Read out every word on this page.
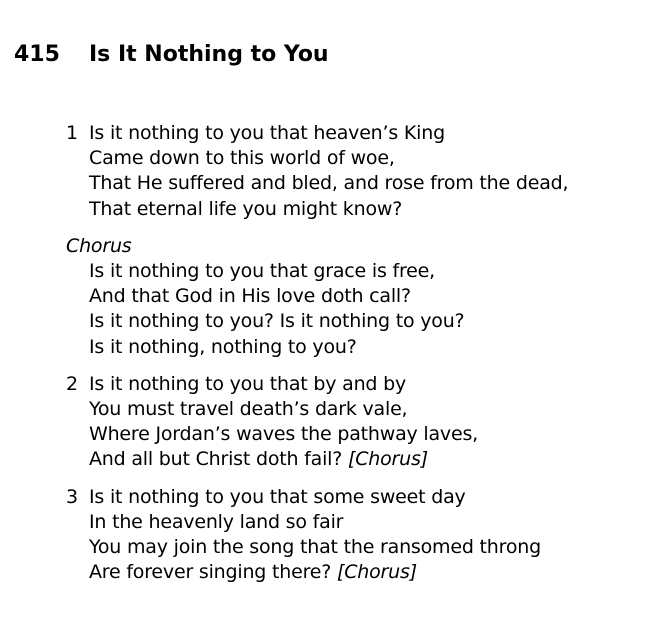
415 Is It Nothing to You
1 Is it nothing to you that heaven’s King
Came down to this world of woe,
That He suffered and bled, and rose from the dead,
That eternal life you might know?
Chorus
Is it nothing to you that grace is free,
And that God in His love doth call?
Is it nothing to you? Is it nothing to you?
Is it nothing, nothing to you?
2 Is it nothing to you that by and by
You must travel death’s dark vale,
Where Jordan’s waves the pathway laves,
And all but Christ doth fail? [Chorus]
3 Is it nothing to you that some sweet day
In the heavenly land so fair
You may join the song that the ransomed throng
Are forever singing there? [Chorus]
